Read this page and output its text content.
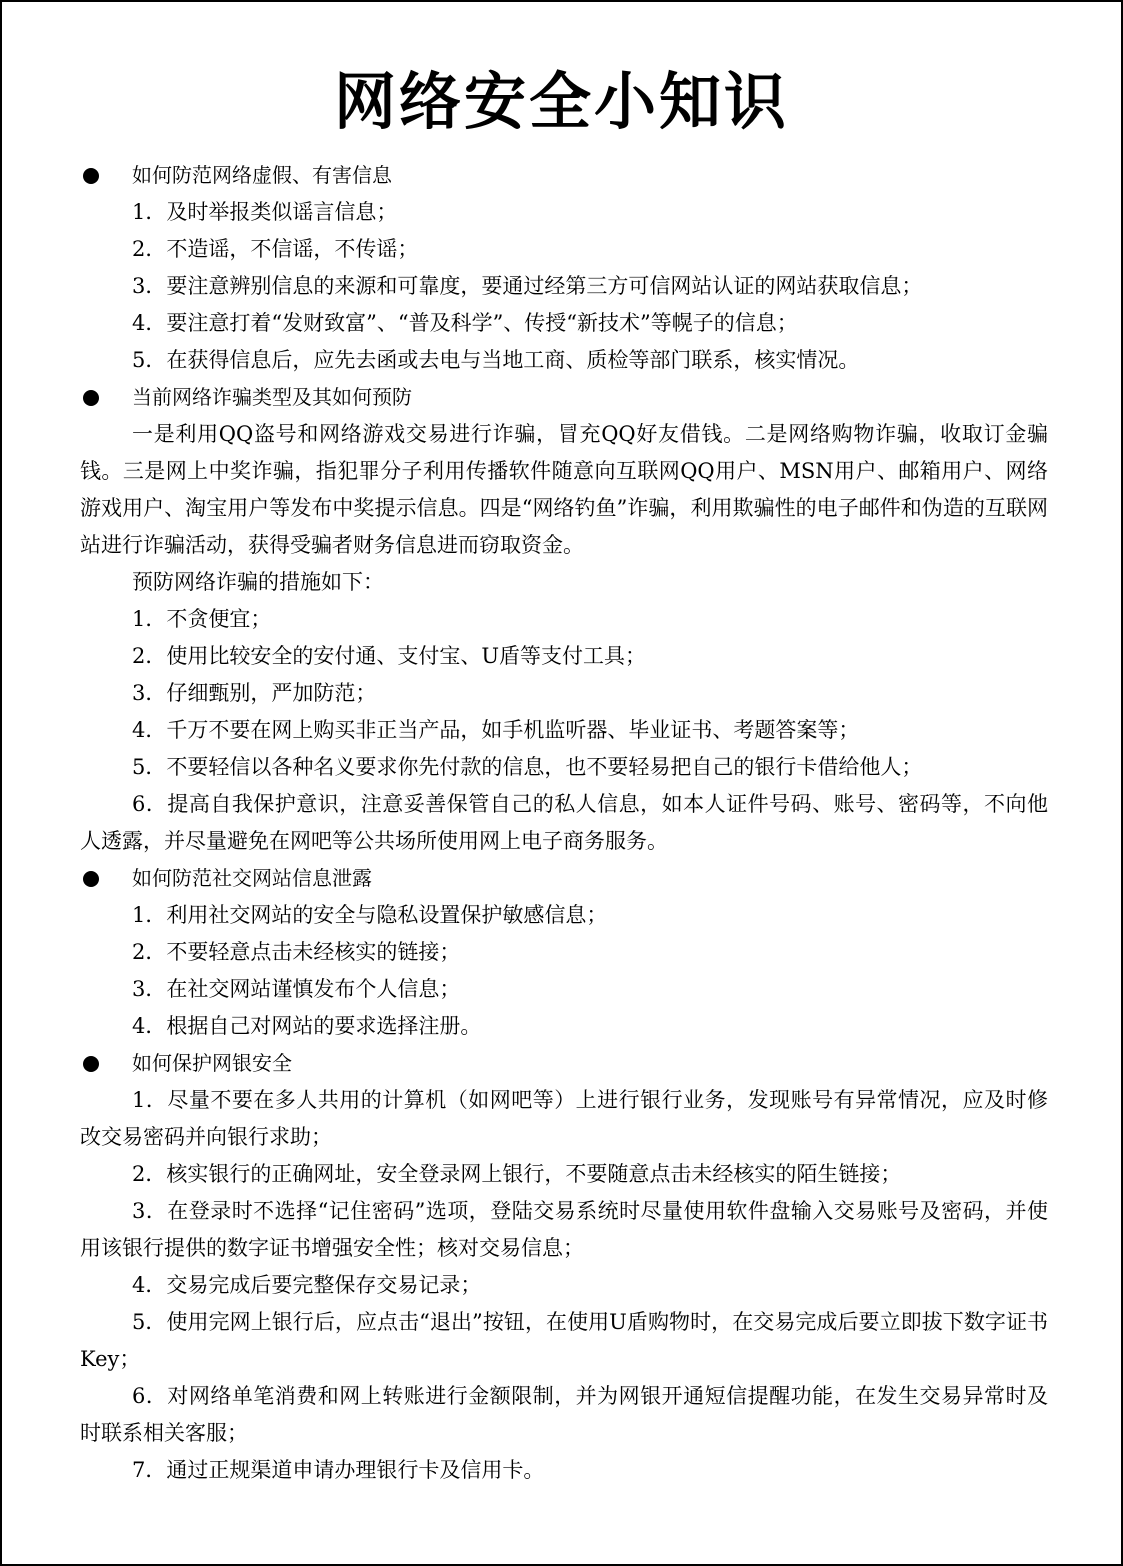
网络安全小知识
如何防范网络虚假、有害信息

1．及时举报类似谣言信息；

2．不造谣，不信谣，不传谣；

3．要注意辨别信息的来源和可靠度，要通过经第三方可信网站认证的网站获取信息；

4．要注意打着“发财致富”、“普及科学”、传授“新技术”等幌子的信息；

5．在获得信息后，应先去函或去电与当地工商、质检等部门联系，核实情况。

当前网络诈骗类型及其如何预防

一是利用QQ盗号和网络游戏交易进行诈骗，冒充QQ好友借钱。二是网络购物诈骗，收取订金骗钱。三是网上中奖诈骗，指犯罪分子利用传播软件随意向互联网QQ用户、MSN用户、邮箱用户、网络游戏用户、淘宝用户等发布中奖提示信息。四是“网络钓鱼”诈骗，利用欺骗性的电子邮件和伪造的互联网站进行诈骗活动，获得受骗者财务信息进而窃取资金。

预防网络诈骗的措施如下：

1．不贪便宜；

2．使用比较安全的安付通、支付宝、U盾等支付工具；

3．仔细甄别，严加防范；

4．千万不要在网上购买非正当产品，如手机监听器、毕业证书、考题答案等；

5．不要轻信以各种名义要求你先付款的信息，也不要轻易把自己的银行卡借给他人；

6．提高自我保护意识，注意妥善保管自己的私人信息，如本人证件号码、账号、密码等，不向他人透露，并尽量避免在网吧等公共场所使用网上电子商务服务。

如何防范社交网站信息泄露

1．利用社交网站的安全与隐私设置保护敏感信息；

2．不要轻意点击未经核实的链接；

3．在社交网站谨慎发布个人信息；

4．根据自己对网站的要求选择注册。

如何保护网银安全

1．尽量不要在多人共用的计算机（如网吧等）上进行银行业务，发现账号有异常情况，应及时修改交易密码并向银行求助；

2．核实银行的正确网址，安全登录网上银行，不要随意点击未经核实的陌生链接；

3．在登录时不选择“记住密码”选项，登陆交易系统时尽量使用软件盘输入交易账号及密码，并使用该银行提供的数字证书增强安全性；核对交易信息；

4．交易完成后要完整保存交易记录；

5．使用完网上银行后，应点击“退出”按钮，在使用U盾购物时，在交易完成后要立即拔下数字证书Key；

6．对网络单笔消费和网上转账进行金额限制，并为网银开通短信提醒功能，在发生交易异常时及时联系相关客服；

7．通过正规渠道申请办理银行卡及信用卡。
